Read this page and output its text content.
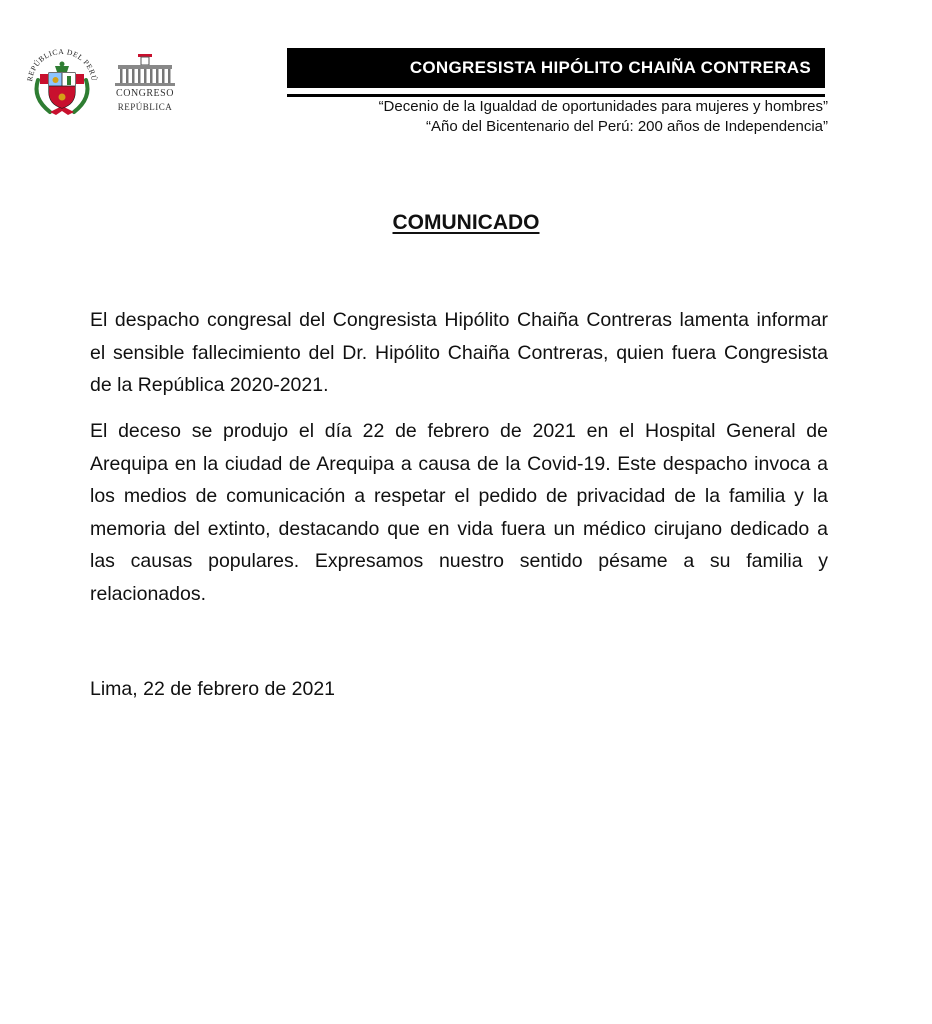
REPÚBLICA DEL PERÚ
CONGRESO
REPÚBLICA
CONGRESISTA HIPÓLITO CHAIÑA CONTRERAS
“Decenio de la Igualdad de oportunidades para mujeres y hombres”
“Año del Bicentenario del Perú: 200 años de Independencia”
COMUNICADO
El despacho congresal del Congresista Hipólito Chaiña Contreras lamenta informar el sensible fallecimiento del Dr. Hipólito Chaiña Contreras, quien fuera Congresista de la República 2020-2021.
El deceso se produjo el día 22 de febrero de 2021 en el Hospital General de Arequipa en la ciudad de Arequipa a causa de la Covid-19. Este despacho invoca a los medios de comunicación a respetar el pedido de privacidad de la familia y la memoria del extinto, destacando que en vida fuera un médico cirujano dedicado a las causas populares. Expresamos nuestro sentido pésame a su familia y relacionados.
Lima, 22 de febrero de 2021
